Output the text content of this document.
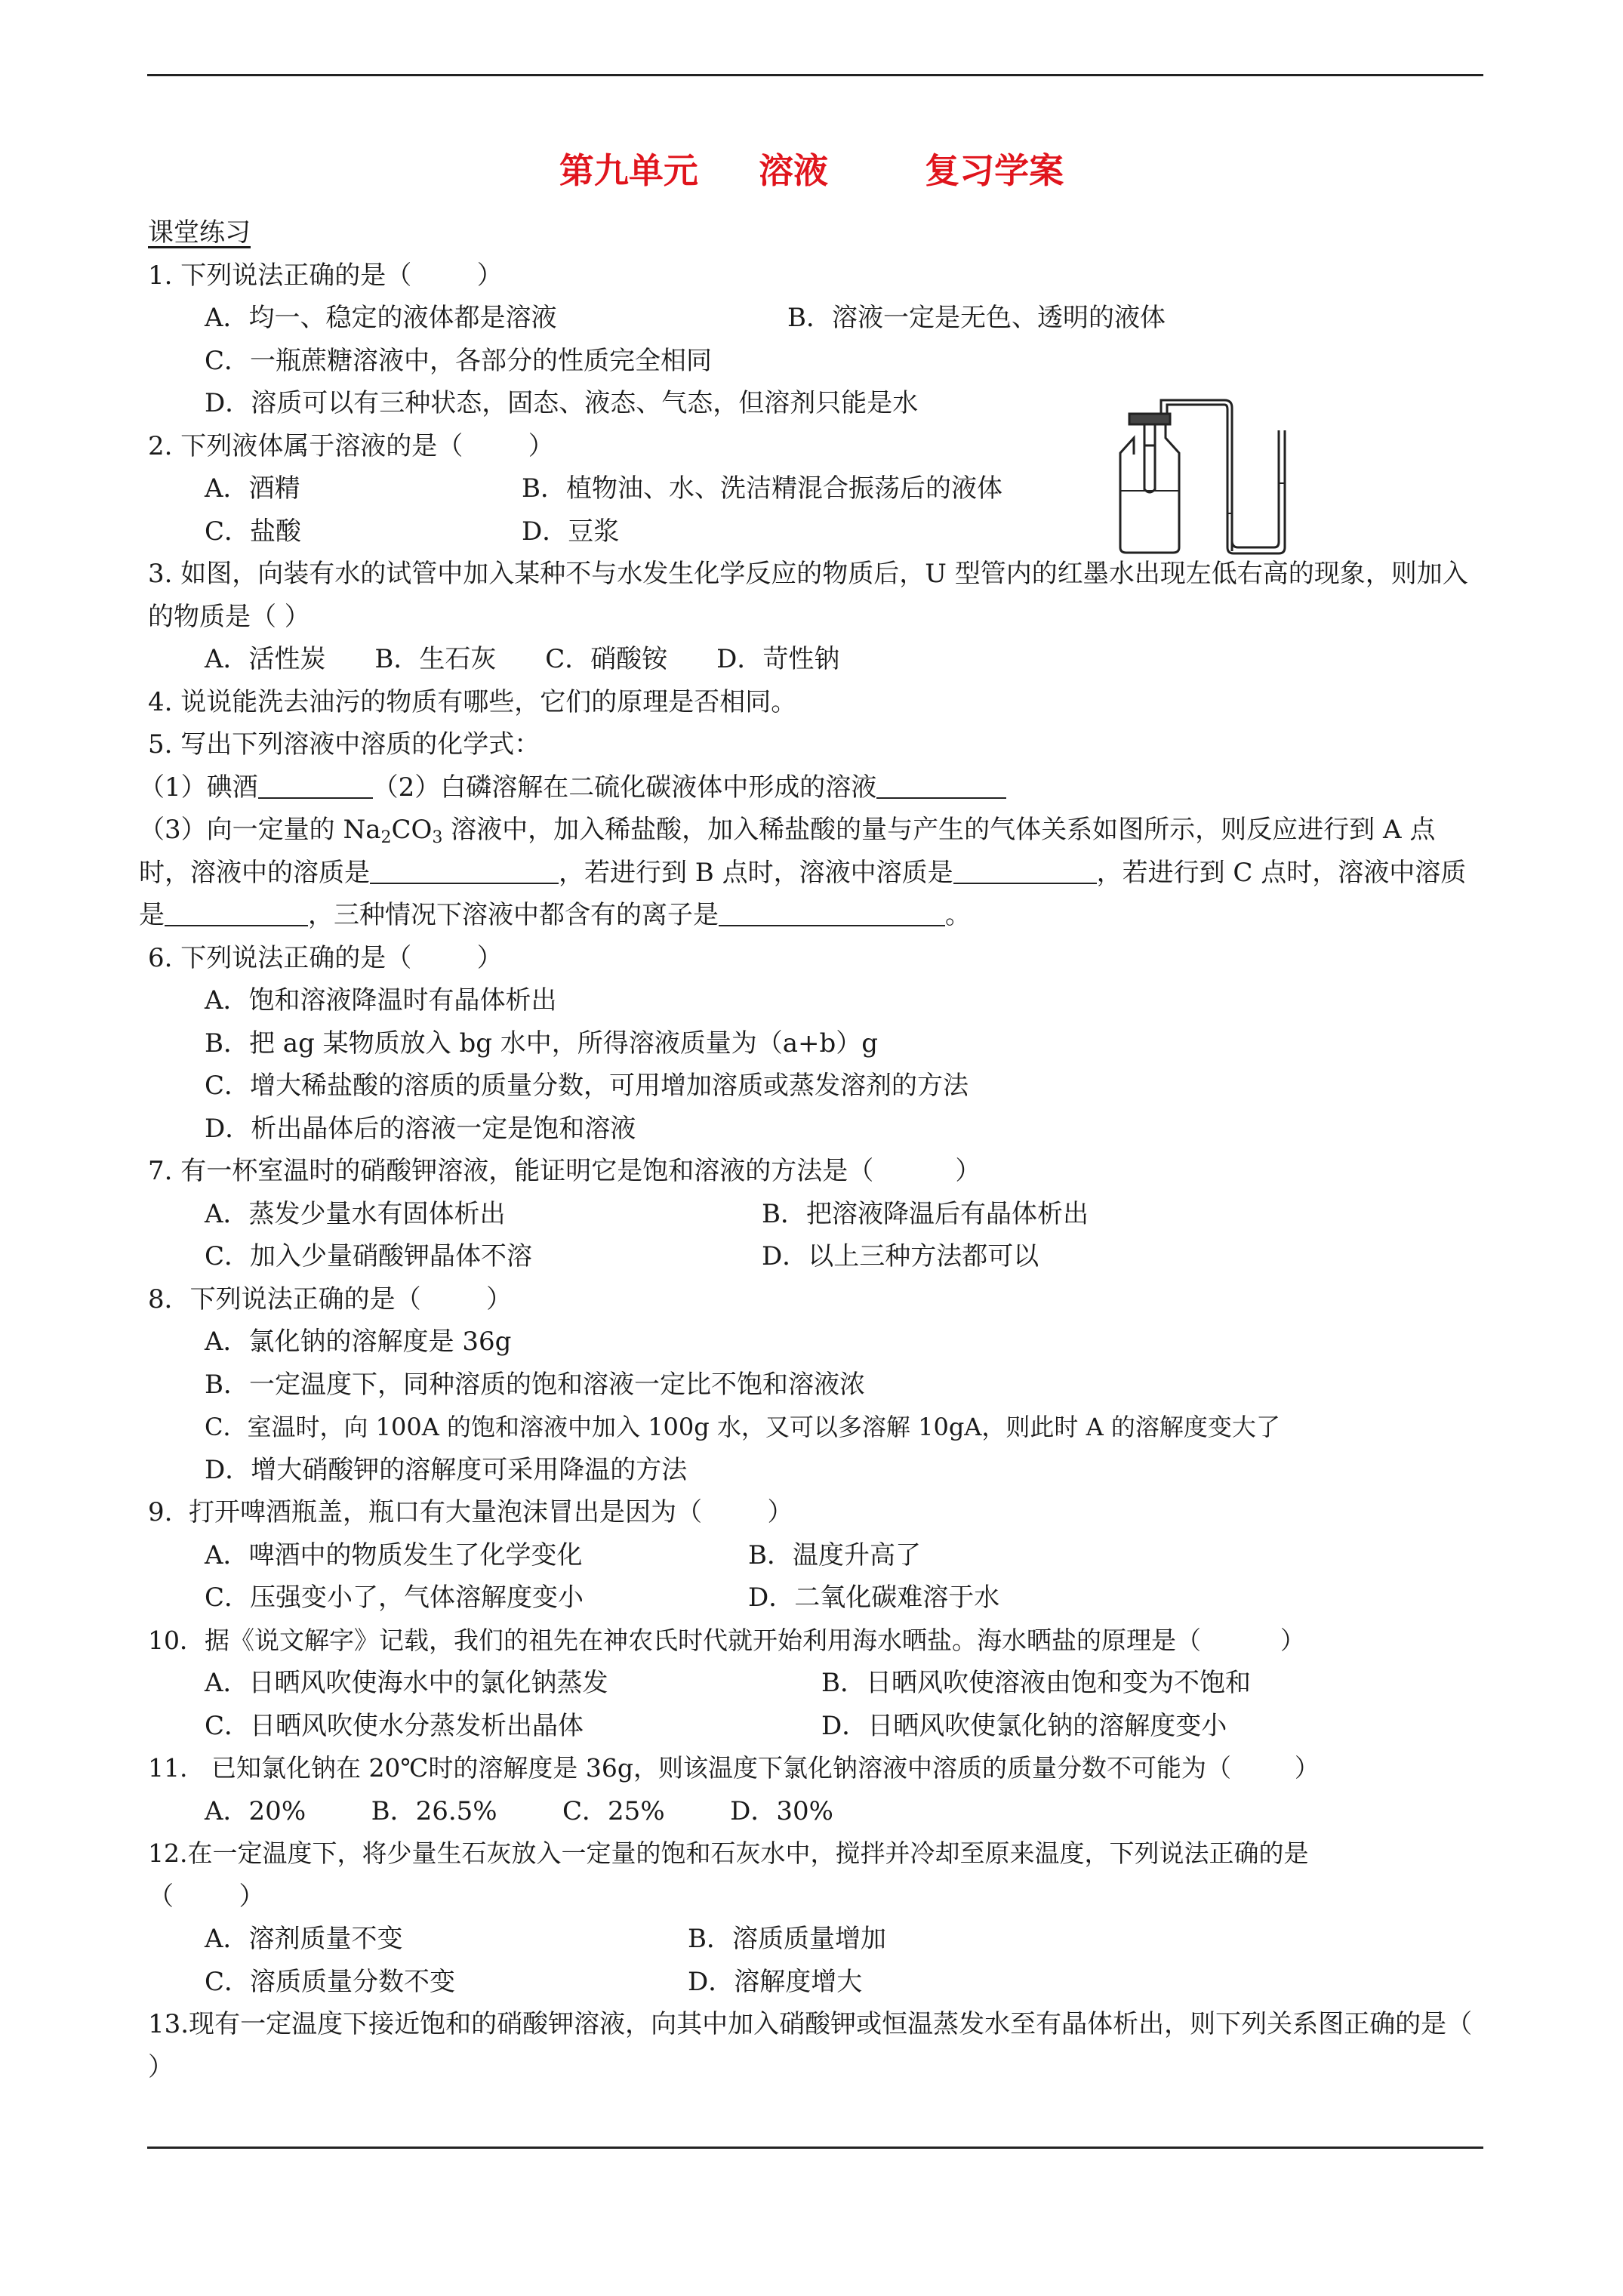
第九单元     溶液        复习学案
课堂练习
1. 下列说法正确的是（        ）
A．均一、稳定的液体都是溶液	B．溶液一定是无色、透明的液体
C．一瓶蔗糖溶液中，各部分的性质完全相同
D．溶质可以有三种状态，固态、液态、气态，但溶剂只能是水
2. 下列液体属于溶液的是（        ）
A．酒精	B．植物油、水、洗洁精混合振荡后的液体
C．盐酸	D．豆浆
3. 如图，向装有水的试管中加入某种不与水发生化学反应的物质后，U 型管内的红墨水出现左低右高的现象，则加入的物质是（ ）
A．活性炭      B．生石灰      C．硝酸铵      D．苛性钠
4. 说说能洗去油污的物质有哪些，它们的原理是否相同。
5. 写出下列溶液中溶质的化学式：
（1）碘酒	（2）白磷溶解在二硫化碳液体中形成的溶液
（3）向一定量的 $Na_2CO_3$ 溶液中，加入稀盐酸，加入稀盐酸的量与产生的气体关系如图所示，则反应进行到 A 点时，溶液中的溶质是	，若进行到 B 点时，溶液中溶质是	，若进行到 C 点时，溶液中溶质是	，三种情况下溶液中都含有的离子是	。
6. 下列说法正确的是（        ）
A．饱和溶液降温时有晶体析出
B．把 ag 某物质放入 bg 水中，所得溶液质量为（a+b）g
C．增大稀盐酸的溶质的质量分数，可用增加溶质或蒸发溶剂的方法
D．析出晶体后的溶液一定是饱和溶液
7. 有一杯室温时的硝酸钾溶液，能证明它是饱和溶液的方法是（          ）
A．蒸发少量水有固体析出	B．把溶液降温后有晶体析出
C．加入少量硝酸钾晶体不溶	D．以上三种方法都可以
8．下列说法正确的是（        ）
A．氯化钠的溶解度是 36g
B．一定温度下，同种溶质的饱和溶液一定比不饱和溶液浓
C．室温时，向 100A 的饱和溶液中加入 100g 水，又可以多溶解 10gA，则此时 A 的溶解度变大了
D．增大硝酸钾的溶解度可采用降温的方法
9.  打开啤酒瓶盖，瓶口有大量泡沫冒出是因为（        ）
A．啤酒中的物质发生了化学变化	B．温度升高了
C．压强变小了，气体溶解度变小	D．二氧化碳难溶于水
10．据《说文解字》记载，我们的祖先在神农氏时代就开始利用海水晒盐。海水晒盐的原理是（          ）
A．日晒风吹使海水中的氯化钠蒸发	B．日晒风吹使溶液由饱和变为不饱和
C．日晒风吹使水分蒸发析出晶体	D．日晒风吹使氯化钠的溶解度变小
11.   已知氯化钠在 20℃时的溶解度是 36g，则该温度下氯化钠溶液中溶质的质量分数不可能为（        ）
A．20%        B．26.5%        C．25%        D．30%
12.在一定温度下，将少量生石灰放入一定量的饱和石灰水中，搅拌并冷却至原来温度，下列说法正确的是
（        ）
A．溶剂质量不变	B．溶质质量增加
C．溶质质量分数不变	D．溶解度增大
13.现有一定温度下接近饱和的硝酸钾溶液，向其中加入硝酸钾或恒温蒸发水至有晶体析出，则下列关系图正确的是（ ）
